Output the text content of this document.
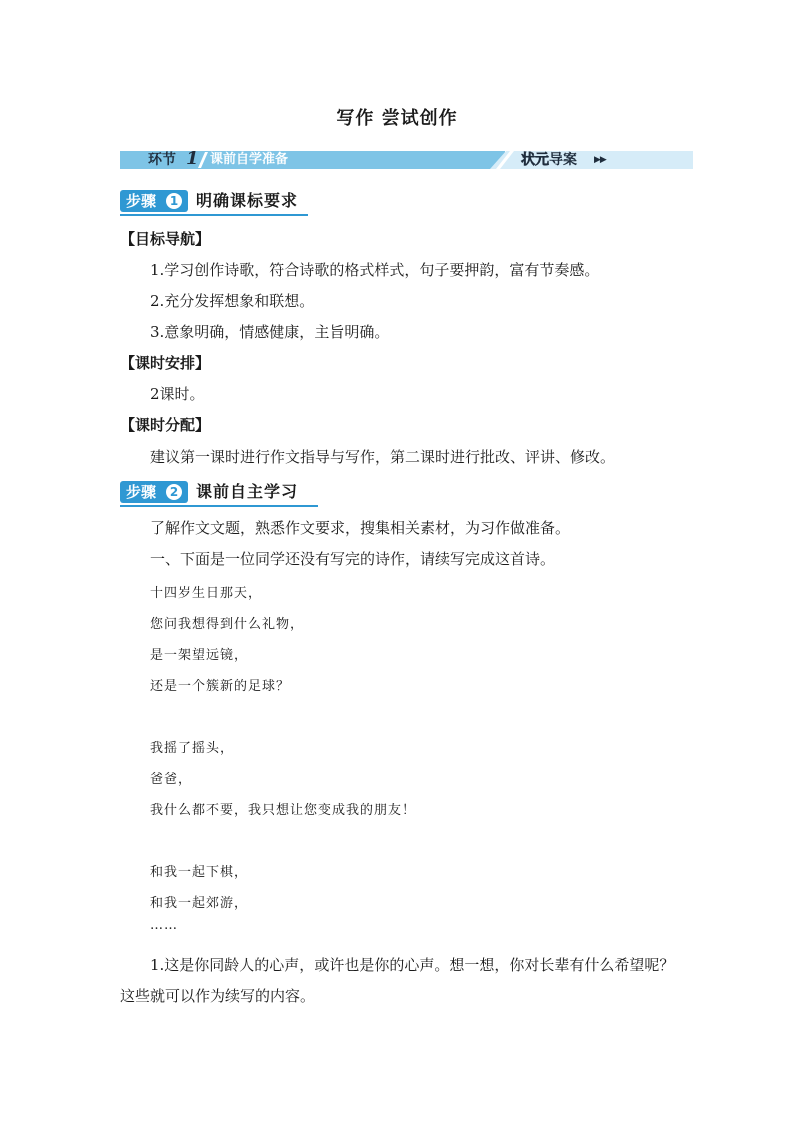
写作 尝试创作
环节 1 课前自学准备	状元导案 ▶▶
步骤	1 明确课标要求
【目标导航】
1.学习创作诗歌，符合诗歌的格式样式，句子要押韵，富有节奏感。
2.充分发挥想象和联想。
3.意象明确，情感健康，主旨明确。
【课时安排】
2课时。
【课时分配】
建议第一课时进行作文指导与写作，第二课时进行批改、评讲、修改。
步骤	2 课前自主学习
了解作文文题，熟悉作文要求，搜集相关素材，为习作做准备。
一、下面是一位同学还没有写完的诗作，请续写完成这首诗。
十四岁生日那天，
您问我想得到什么礼物，
是一架望远镜，
还是一个簇新的足球？
我摇了摇头，
爸爸，
我什么都不要，我只想让您变成我的朋友！
和我一起下棋，
和我一起郊游，
……
1.这是你同龄人的心声，或许也是你的心声。想一想，你对长辈有什么希望呢？这些就可以作为续写的内容。
